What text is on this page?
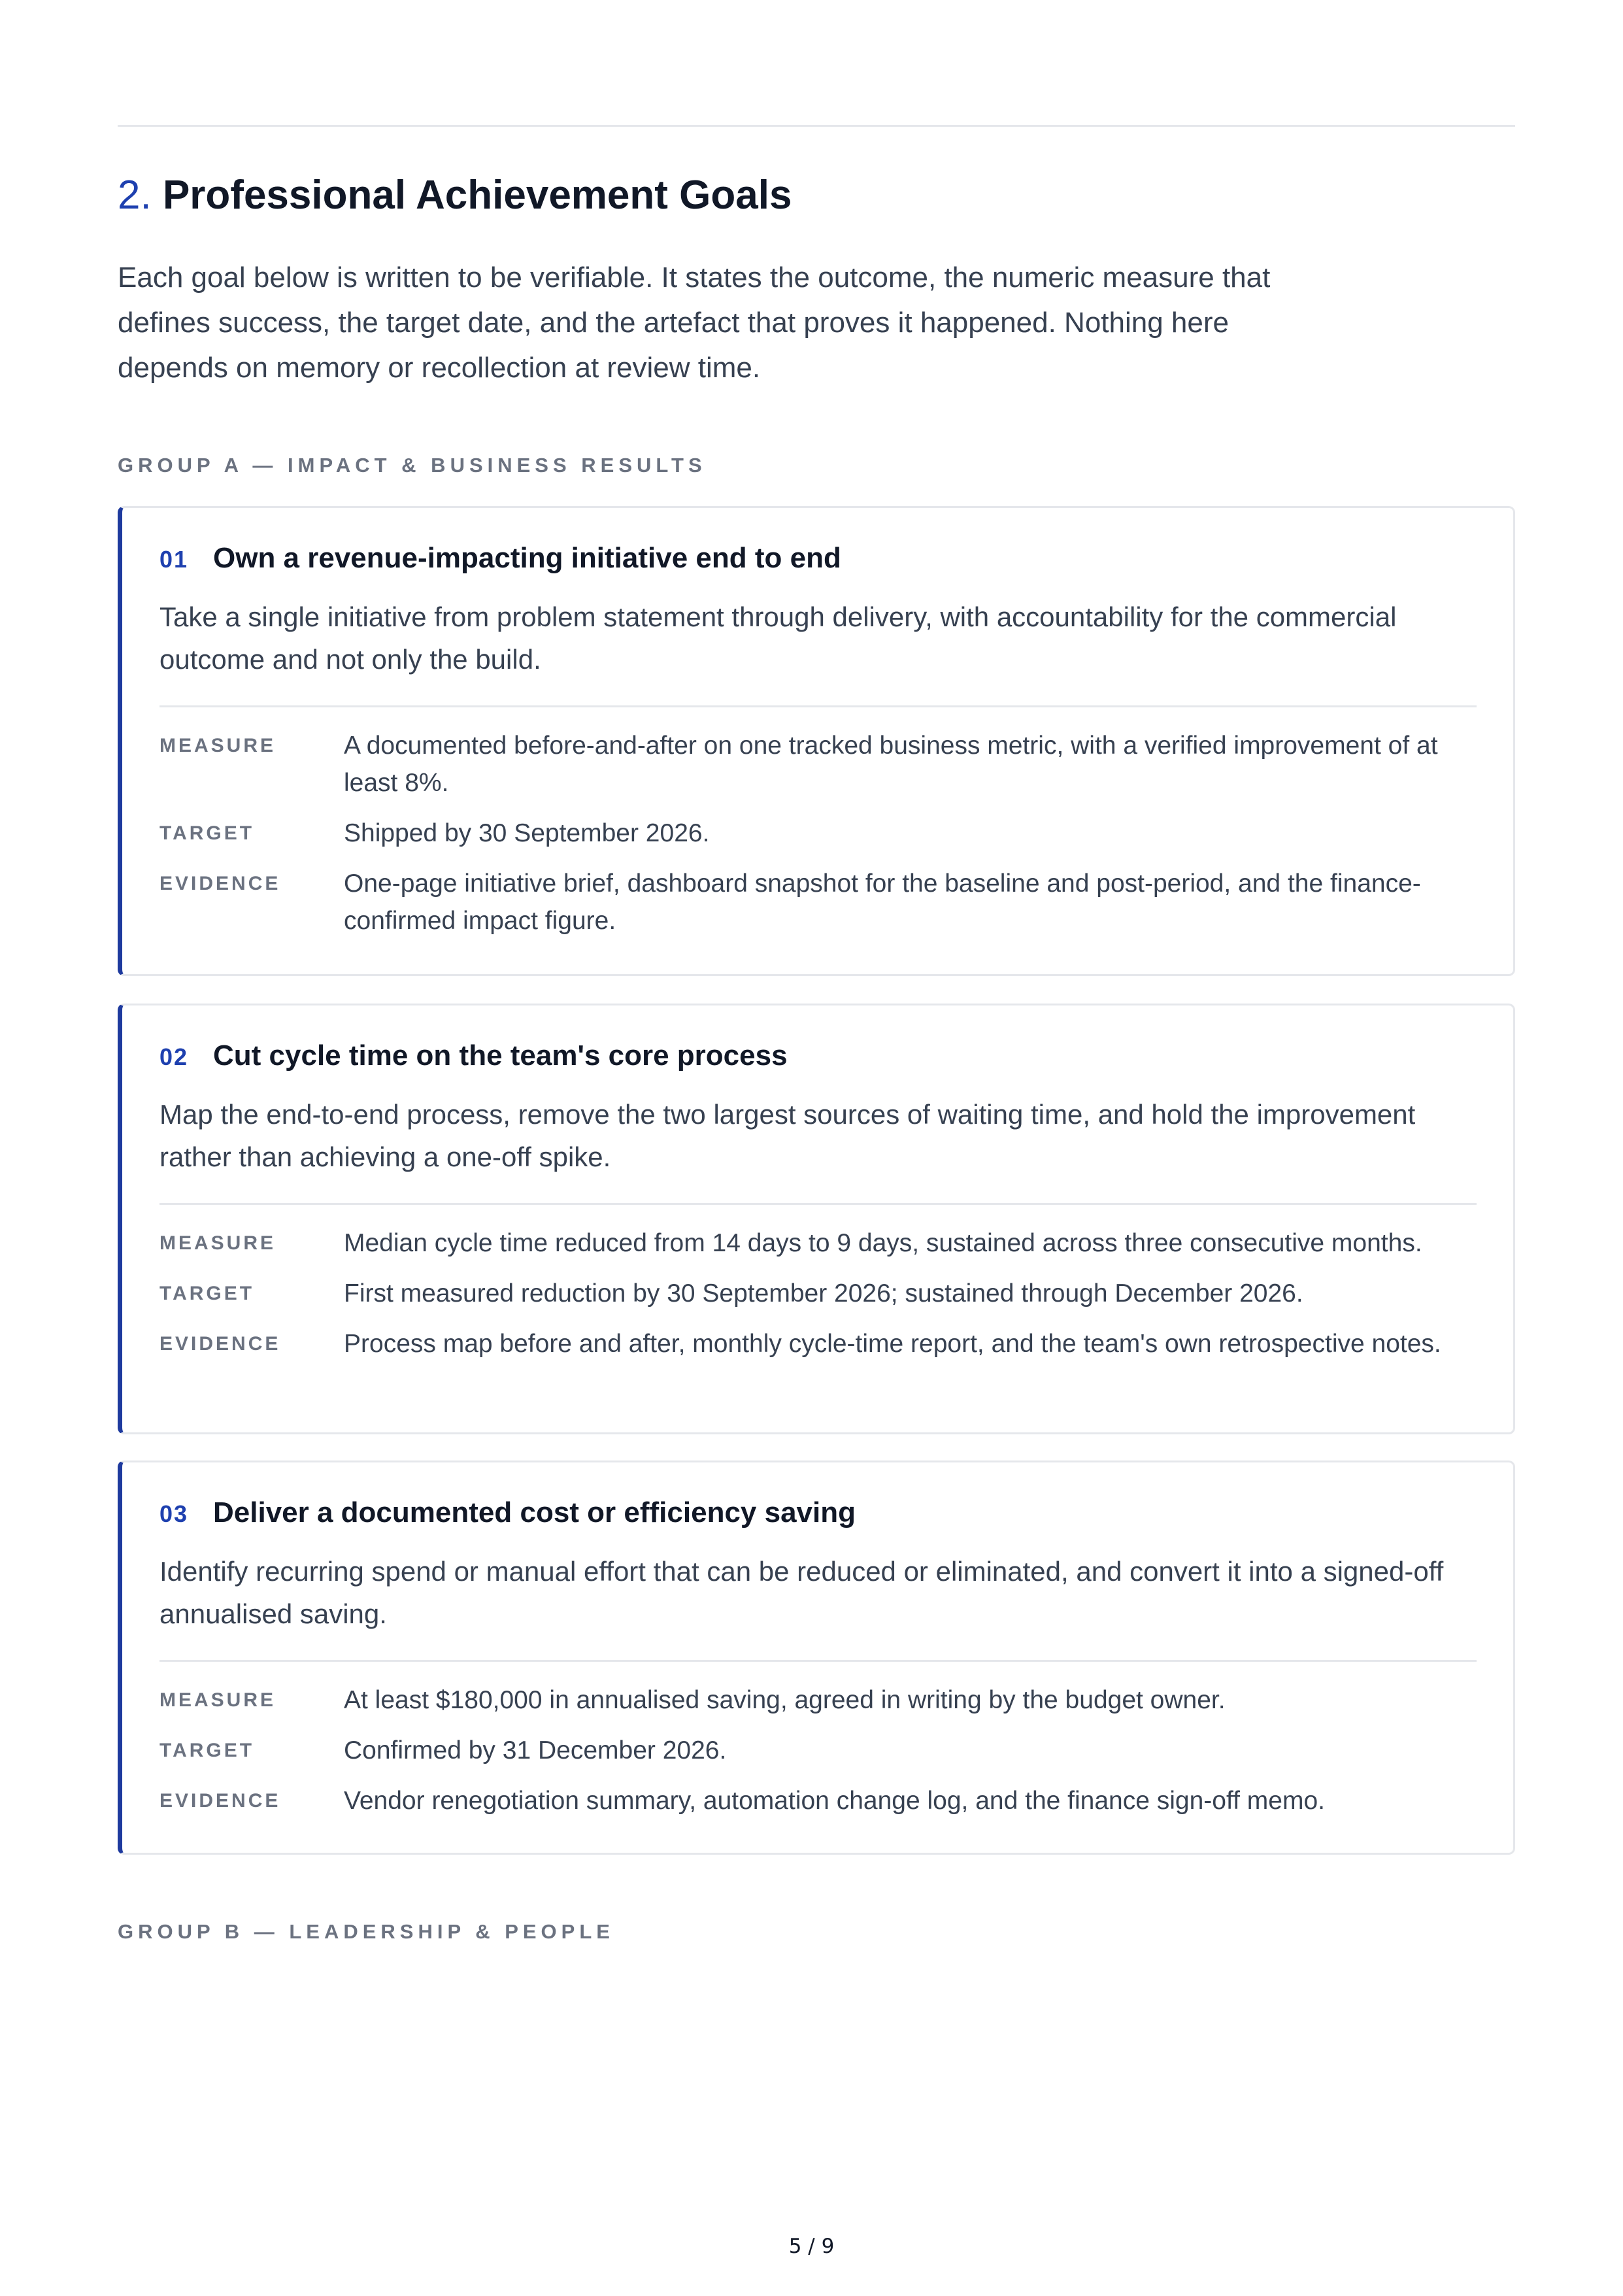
2. Professional Achievement Goals

Each goal below is written to be verifiable. It states the outcome, the numeric measure that defines success, the target date, and the artefact that proves it happened. Nothing here depends on memory or recollection at review time.

GROUP A — IMPACT & BUSINESS RESULTS
01 Own a revenue-impacting initiative end to end

Take a single initiative from problem statement through delivery, with accountability for the commercial outcome and not only the build.

MEASURE	A documented before-and-after on one tracked business metric, with a verified improvement of at least 8%.
TARGET	Shipped by 30 September 2026.
EVIDENCE	One-page initiative brief, dashboard snapshot for the baseline and post-period, and the finance-confirmed impact figure.
02 Cut cycle time on the team's core process

Map the end-to-end process, remove the two largest sources of waiting time, and hold the improvement rather than achieving a one-off spike.

MEASURE	Median cycle time reduced from 14 days to 9 days, sustained across three consecutive months.
TARGET	First measured reduction by 30 September 2026; sustained through December 2026.
EVIDENCE	Process map before and after, monthly cycle-time report, and the team's own retrospective notes.
03 Deliver a documented cost or efficiency saving

Identify recurring spend or manual effort that can be reduced or eliminated, and convert it into a signed-off annualised saving.

MEASURE	At least $180,000 in annualised saving, agreed in writing by the budget owner.
TARGET	Confirmed by 31 December 2026.
EVIDENCE	Vendor renegotiation summary, automation change log, and the finance sign-off memo.
GROUP B — LEADERSHIP & PEOPLE
5 / 9
